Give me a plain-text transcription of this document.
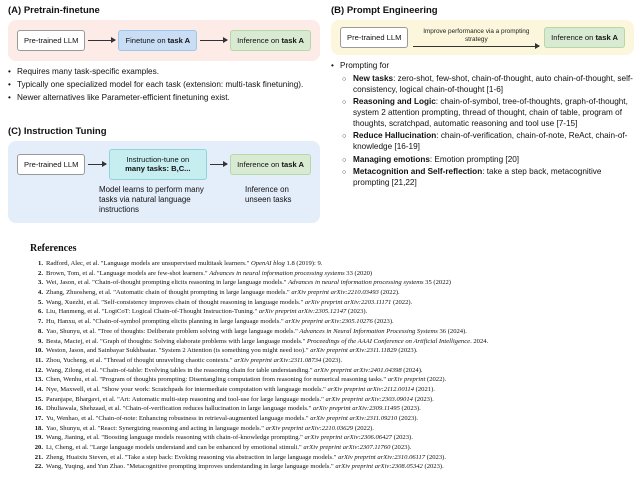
(A) Pretrain-finetune
Pre-trained LLM	Finetune on task A	Inference on task A
• Requires many task-specific examples.
• Typically one specialized model for each task (extension: multi-task finetuning).
• Newer alternatives like Parameter-efficient finetuning exist.
(B) Prompt Engineering
Pre-trained LLM
Improve performance via a prompting strategy	Inference on task A
• Prompting for
○ New tasks: zero-shot, few-shot, chain-of-thought, auto chain-of-thought, self-consistency, logical chain-of-thought [1-6]
○ Reasoning and Logic: chain-of-symbol, tree-of-thoughts, graph-of-thought, system 2 attention prompting, thread of thought, chain of table, program of thoughts, scratchpad, automatic reasoning and tool use [7-15]
○ Reduce Hallucination: chain-of-verification, chain-of-note, ReAct, chain-of-knowledge [16-19]
○ Managing emotions: Emotion prompting [20]
○ Metacognition and Self-reflection: take a step back, metacognitive prompting [21,22]
(C) Instruction Tuning
Pre-trained LLM
Instruction-tune on many tasks: B,C...
Inference on task A
Model learns to perform many tasks via natural language instructions
Inference on unseen tasks
References
1. Radford, Alec, et al. "Language models are unsupervised multitask learners." OpenAI blog 1.8 (2019): 9.
2. Brown, Tom, et al. "Language models are few-shot learners." Advances in neural information processing systems 33 (2020)
3. Wei, Jason, et al. "Chain-of-thought prompting elicits reasoning in large language models." Advances in neural information processing systems 35 (2022)
4. Zhang, Zhuosheng, et al. "Automatic chain of thought prompting in large language models." arXiv preprint arXiv:2210.03493 (2022).
5. Wang, Xuezhi, et al. "Self-consistency improves chain of thought reasoning in language models." arXiv preprint arXiv:2203.11171 (2022).
6. Liu, Hanmeng, et al. "LogiCoT: Logical Chain-of-Thought Instruction-Tuning." arXiv preprint arXiv:2305.12147 (2023).
7. Hu, Hanxu, et al. "Chain-of-symbol prompting elicits planning in large language models." arXiv preprint arXiv:2305.10276 (2023).
8. Yao, Shunyu, et al. "Tree of thoughts: Deliberate problem solving with large language models." Advances in Neural Information Processing Systems 36 (2024).
9. Besta, Maciej, et al. "Graph of thoughts: Solving elaborate problems with large language models." Proceedings of the AAAI Conference on Artificial Intelligence. 2024.
10. Weston, Jason, and Sainbayar Sukhbaatar. "System 2 Attention (is something you might need too)." arXiv preprint arXiv:2311.11829 (2023).
11. Zhou, Yucheng, et al. "Thread of thought unraveling chaotic contexts." arXiv preprint arXiv:2311.08734 (2023).
12. Wang, Zilong, et al. "Chain-of-table: Evolving tables in the reasoning chain for table understanding." arXiv preprint arXiv:2401.04398 (2024).
13. Chen, Wenhu, et al. "Program of thoughts prompting: Disentangling computation from reasoning for numerical reasoning tasks." arXiv preprint (2022).
14. Nye, Maxwell, et al. "Show your work: Scratchpads for intermediate computation with language models." arXiv preprint arXiv:2112.00114 (2021).
15. Paranjape, Bhargavi, et al. "Art: Automatic multi-step reasoning and tool-use for large language models." arXiv preprint arXiv:2303.09014 (2023).
16. Dhuliawala, Shehzaad, et al. "Chain-of-verification reduces hallucination in large language models." arXiv preprint arXiv:2309.11495 (2023).
17. Yu, Wenhao, et al. "Chain-of-note: Enhancing robustness in retrieval-augmented language models." arXiv preprint arXiv:2311.09210 (2023).
18. Yao, Shunyu, et al. "React: Synergizing reasoning and acting in language models." arXiv preprint arXiv:2210.03629 (2022).
19. Wang, Jianing, et al. "Boosting language models reasoning with chain-of-knowledge prompting." arXiv preprint arXiv:2306.06427 (2023).
20. Li, Cheng, et al. "Large language models understand and can be enhanced by emotional stimuli." arXiv preprint arXiv:2307.11760 (2023).
21. Zheng, Huaixiu Steven, et al. "Take a step back: Evoking reasoning via abstraction in large language models." arXiv preprint arXiv:2310.06117 (2023).
22. Wang, Yuqing, and Yun Zhao. "Metacognitive prompting improves understanding in large language models." arXiv preprint arXiv:2308.05342 (2023).
